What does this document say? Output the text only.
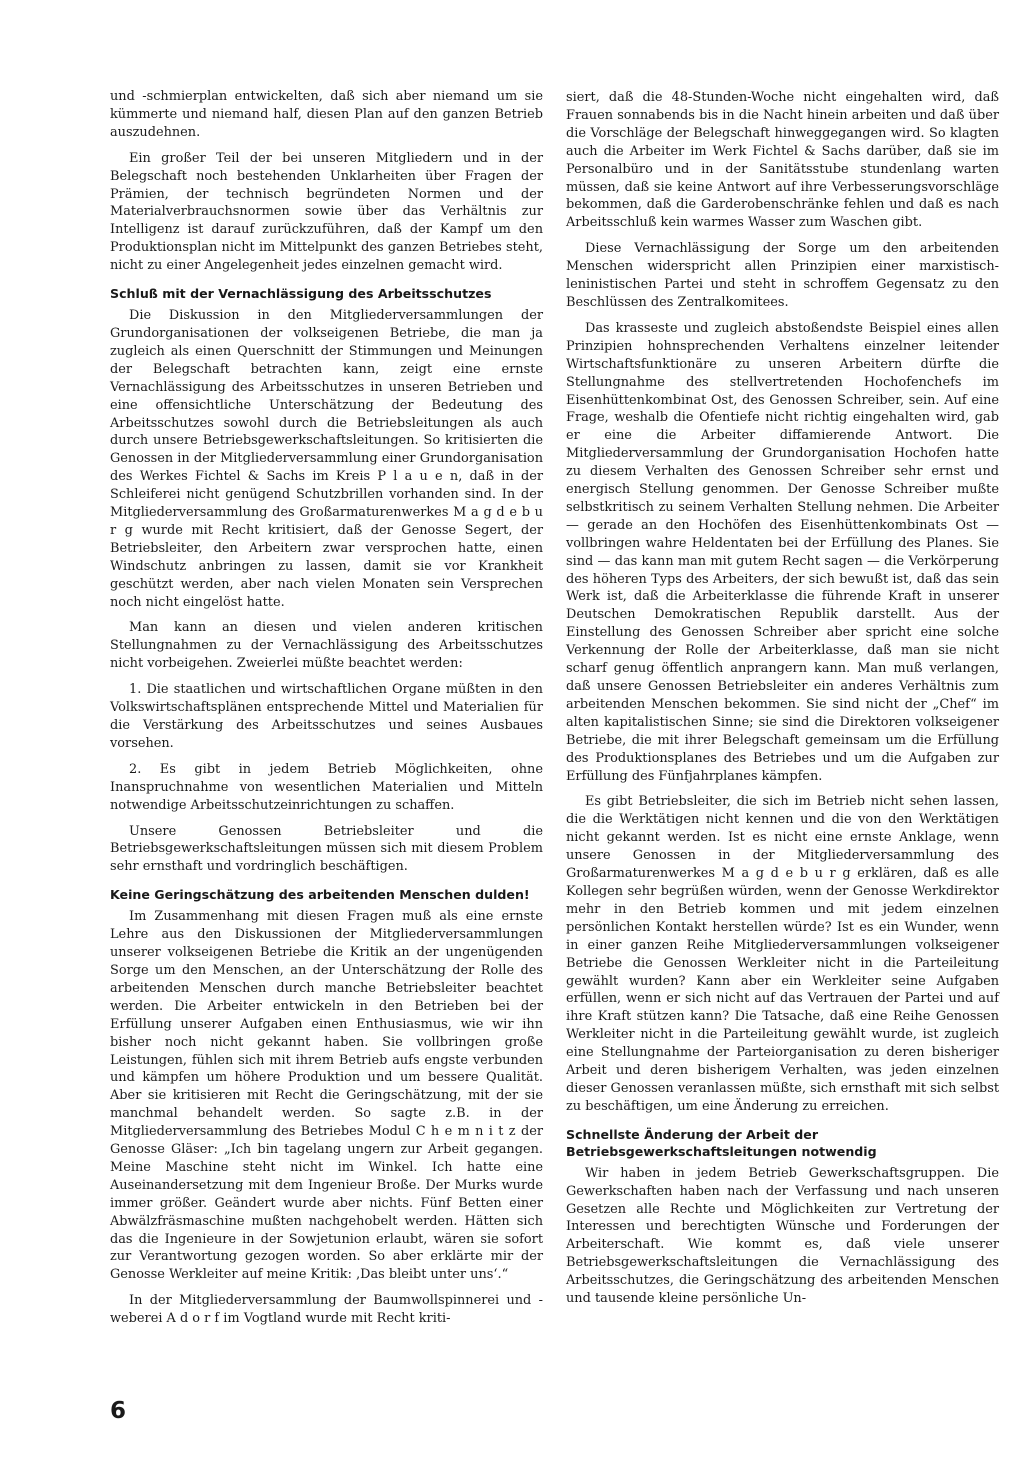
und -schmierplan entwickelten, daß sich aber niemand um sie kümmerte und niemand half, diesen Plan auf den ganzen Betrieb auszudehnen.

Ein großer Teil der bei unseren Mitgliedern und in der Belegschaft noch bestehenden Unklarheiten über Fragen der Prämien, der technisch begründeten Normen und der Materialverbrauchsnormen sowie über das Verhältnis zur Intelligenz ist darauf zurückzuführen, daß der Kampf um den Produktionsplan nicht im Mittelpunkt des ganzen Betriebes steht, nicht zu einer Angelegenheit jedes einzelnen gemacht wird.

Schluß mit der Vernachlässigung des Arbeitsschutzes

Die Diskussion in den Mitgliederversammlungen der Grundorganisationen der volkseigenen Betriebe, die man ja zugleich als einen Querschnitt der Stimmungen und Meinungen der Belegschaft betrachten kann, zeigt eine ernste Vernachlässigung des Arbeitsschutzes in unseren Betrieben und eine offensichtliche Unterschätzung der Bedeutung des Arbeitsschutzes sowohl durch die Betriebsleitungen als auch durch unsere Betriebsgewerkschaftsleitungen. So kritisierten die Genossen in der Mitgliederversammlung einer Grundorganisation des Werkes Fichtel & Sachs im Kreis P l a u e n, daß in der Schleiferei nicht genügend Schutzbrillen vorhanden sind. In der Mitgliederversammlung des Großarmaturenwerkes M a g d e b u r g wurde mit Recht kritisiert, daß der Genosse Segert, der Betriebsleiter, den Arbeitern zwar versprochen hatte, einen Windschutz anbringen zu lassen, damit sie vor Krankheit geschützt werden, aber nach vielen Monaten sein Versprechen noch nicht eingelöst hatte.

Man kann an diesen und vielen anderen kritischen Stellungnahmen zu der Vernachlässigung des Arbeitsschutzes nicht vorbeigehen. Zweierlei müßte beachtet werden:

1. Die staatlichen und wirtschaftlichen Organe müßten in den Volkswirtschaftsplänen entsprechende Mittel und Materialien für die Verstärkung des Arbeitsschutzes und seines Ausbaues vorsehen.

2. Es gibt in jedem Betrieb Möglichkeiten, ohne Inanspruchnahme von wesentlichen Materialien und Mitteln notwendige Arbeitsschutzeinrichtungen zu schaffen.

Unsere Genossen Betriebsleiter und die Betriebsgewerkschaftsleitungen müssen sich mit diesem Problem sehr ernsthaft und vordringlich beschäftigen.

Keine Geringschätzung des arbeitenden Menschen dulden!

Im Zusammenhang mit diesen Fragen muß als eine ernste Lehre aus den Diskussionen der Mitgliederversammlungen unserer volkseigenen Betriebe die Kritik an der ungenügenden Sorge um den Menschen, an der Unterschätzung der Rolle des arbeitenden Menschen durch manche Betriebsleiter beachtet werden. Die Arbeiter entwickeln in den Betrieben bei der Erfüllung unserer Aufgaben einen Enthusiasmus, wie wir ihn bisher noch nicht gekannt haben. Sie vollbringen große Leistungen, fühlen sich mit ihrem Betrieb aufs engste verbunden und kämpfen um höhere Produktion und um bessere Qualität. Aber sie kritisieren mit Recht die Geringschätzung, mit der sie manchmal behandelt werden. So sagte z.B. in der Mitgliederversammlung des Betriebes Modul C h e m n i t z der Genosse Gläser: „Ich bin tagelang ungern zur Arbeit gegangen. Meine Maschine steht nicht im Winkel. Ich hatte eine Auseinandersetzung mit dem Ingenieur Broße. Der Murks wurde immer größer. Geändert wurde aber nichts. Fünf Betten einer Abwälzfräsmaschine mußten nachgehobelt werden. Hätten sich das die Ingenieure in der Sowjetunion erlaubt, wären sie sofort zur Verantwortung gezogen worden. So aber erklärte mir der Genosse Werkleiter auf meine Kritik: ‚Das bleibt unter uns‘.“

In der Mitgliederversammlung der Baumwollspinnerei und -weberei A d o r f im Vogtland wurde mit Recht kriti-

siert, daß die 48-Stunden-Woche nicht eingehalten wird, daß Frauen sonnabends bis in die Nacht hinein arbeiten und daß über die Vorschläge der Belegschaft hinweggegangen wird. So klagten auch die Arbeiter im Werk Fichtel & Sachs darüber, daß sie im Personalbüro und in der Sanitätsstube stundenlang warten müssen, daß sie keine Antwort auf ihre Verbesserungsvorschläge bekommen, daß die Garderobenschränke fehlen und daß es nach Arbeitsschluß kein warmes Wasser zum Waschen gibt.

Diese Vernachlässigung der Sorge um den arbeitenden Menschen widerspricht allen Prinzipien einer marxistisch-leninistischen Partei und steht in schroffem Gegensatz zu den Beschlüssen des Zentralkomitees.

Das krasseste und zugleich abstoßendste Beispiel eines allen Prinzipien hohnsprechenden Verhaltens einzelner leitender Wirtschaftsfunktionäre zu unseren Arbeitern dürfte die Stellungnahme des stellvertretenden Hochofenchefs im Eisenhüttenkombinat Ost, des Genossen Schreiber, sein. Auf eine Frage, weshalb die Ofentiefe nicht richtig eingehalten wird, gab er eine die Arbeiter diffamierende Antwort. Die Mitgliederversammlung der Grundorganisation Hochofen hatte zu diesem Verhalten des Genossen Schreiber sehr ernst und energisch Stellung genommen. Der Genosse Schreiber mußte selbstkritisch zu seinem Verhalten Stellung nehmen. Die Arbeiter — gerade an den Hochöfen des Eisenhüttenkombinats Ost — vollbringen wahre Heldentaten bei der Erfüllung des Planes. Sie sind — das kann man mit gutem Recht sagen — die Verkörperung des höheren Typs des Arbeiters, der sich bewußt ist, daß das sein Werk ist, daß die Arbeiterklasse die führende Kraft in unserer Deutschen Demokratischen Republik darstellt. Aus der Einstellung des Genossen Schreiber aber spricht eine solche Verkennung der Rolle der Arbeiterklasse, daß man sie nicht scharf genug öffentlich anprangern kann. Man muß verlangen, daß unsere Genossen Betriebsleiter ein anderes Verhältnis zum arbeitenden Menschen bekommen. Sie sind nicht der „Chef“ im alten kapitalistischen Sinne; sie sind die Direktoren volkseigener Betriebe, die mit ihrer Belegschaft gemeinsam um die Erfüllung des Produktionsplanes des Betriebes und um die Aufgaben zur Erfüllung des Fünfjahrplanes kämpfen.

Es gibt Betriebsleiter, die sich im Betrieb nicht sehen lassen, die die Werktätigen nicht kennen und die von den Werktätigen nicht gekannt werden. Ist es nicht eine ernste Anklage, wenn unsere Genossen in der Mitgliederversammlung des Großarmaturenwerkes M a g d e b u r g erklären, daß es alle Kollegen sehr begrüßen würden, wenn der Genosse Werkdirektor mehr in den Betrieb kommen und mit jedem einzelnen persönlichen Kontakt herstellen würde? Ist es ein Wunder, wenn in einer ganzen Reihe Mitgliederversammlungen volkseigener Betriebe die Genossen Werkleiter nicht in die Parteileitung gewählt wurden? Kann aber ein Werkleiter seine Aufgaben erfüllen, wenn er sich nicht auf das Vertrauen der Partei und auf ihre Kraft stützen kann? Die Tatsache, daß eine Reihe Genossen Werkleiter nicht in die Parteileitung gewählt wurde, ist zugleich eine Stellungnahme der Parteiorganisation zu deren bisheriger Arbeit und deren bisherigem Verhalten, was jeden einzelnen dieser Genossen veranlassen müßte, sich ernsthaft mit sich selbst zu beschäftigen, um eine Änderung zu erreichen.

Schnellste Änderung der Arbeit der Betriebsgewerkschaftsleitungen notwendig

Wir haben in jedem Betrieb Gewerkschaftsgruppen. Die Gewerkschaften haben nach der Verfassung und nach unseren Gesetzen alle Rechte und Möglichkeiten zur Vertretung der Interessen und berechtigten Wünsche und Forderungen der Arbeiterschaft. Wie kommt es, daß viele unserer Betriebsgewerkschaftsleitungen die Vernachlässigung des Arbeitsschutzes, die Geringschätzung des arbeitenden Menschen und tausende kleine persönliche Un-

6
